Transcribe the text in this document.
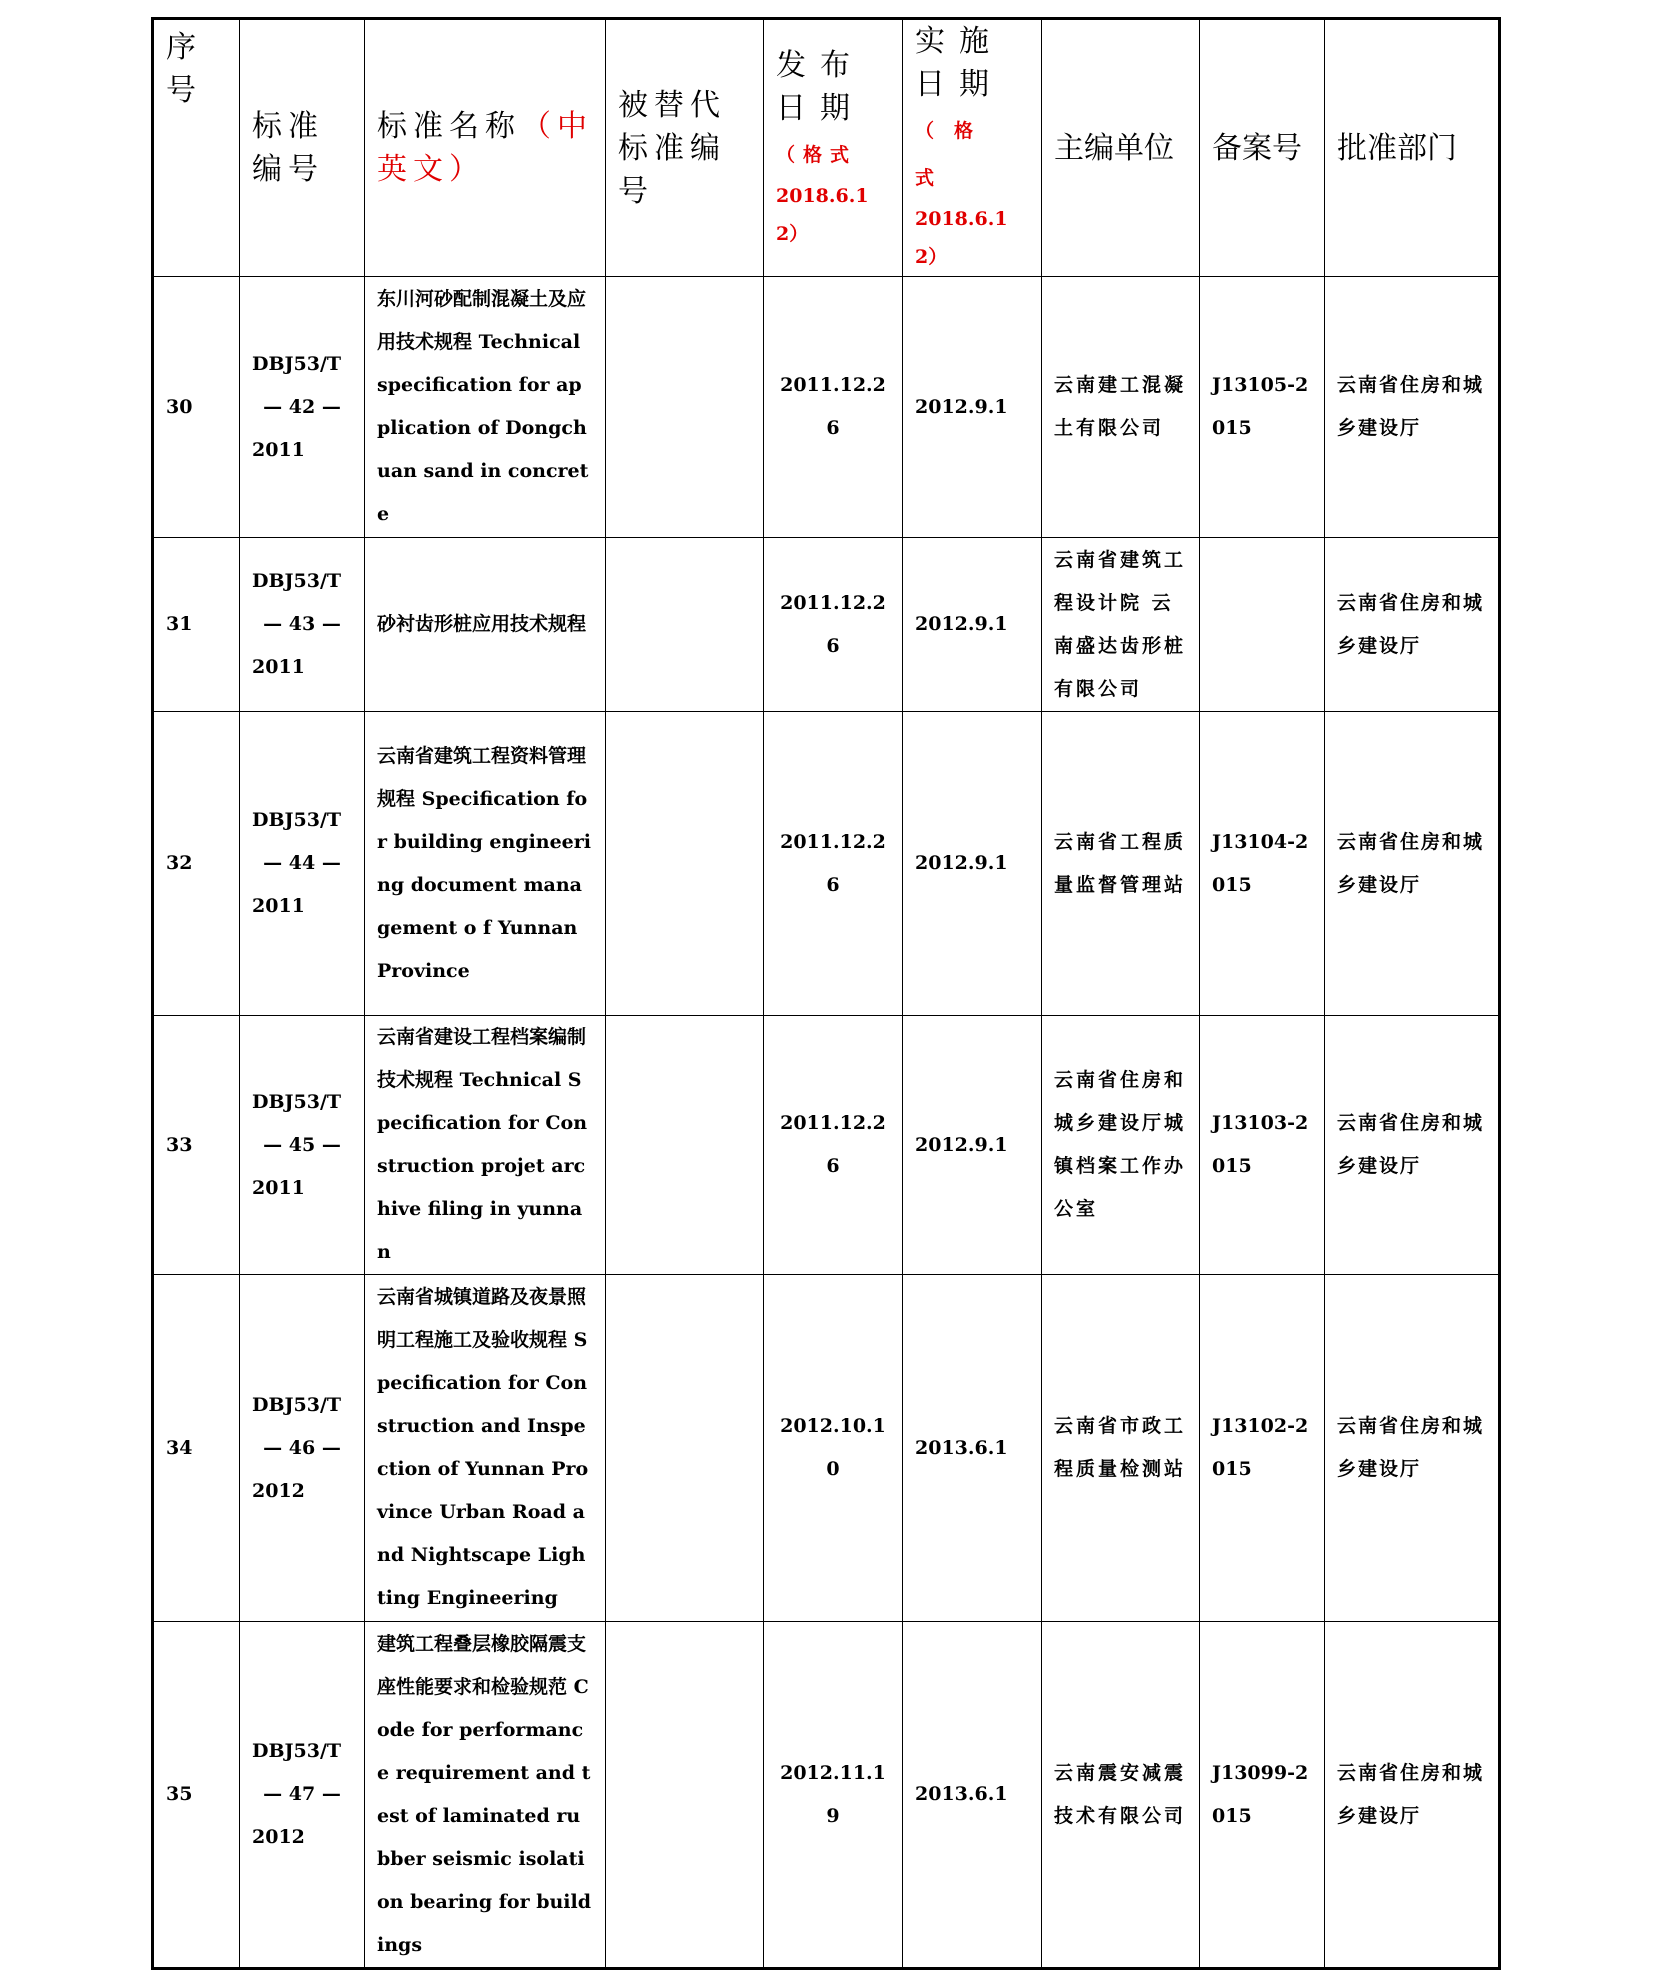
序号	标准编号	标准名称（中英文）	被替代标准编号	发布日期（格式
2018.6.12）	实施日期
（格式
2018.6.12）	主编单位	备案号	批准部门
30	DBJ53/T
— 42 —
2011	东川河砂配制混凝土及应用技术规程 Technical specification for application of Dongchuan sand in concrete		2011.12.26	2012.9.1	云南建工混凝土有限公司	J13105-2015	云南省住房和城乡建设厅
31	DBJ53/T
— 43 —
2011	砂衬齿形桩应用技术规程		2011.12.26	2012.9.1	云南省建筑工程设计院 云南盛达齿形桩有限公司		云南省住房和城乡建设厅
32	DBJ53/T
— 44 —
2011	云南省建筑工程资料管理规程 Specification for building engineering document management o f Yunnan Province		2011.12.26	2012.9.1	云南省工程质量监督管理站	J13104-2015	云南省住房和城乡建设厅
33	DBJ53/T
— 45 —
2011	云南省建设工程档案编制技术规程 Technical Specification for Construction projet archive filing in yunnan		2011.12.26	2012.9.1	云南省住房和城乡建设厅城镇档案工作办公室	J13103-2015	云南省住房和城乡建设厅
34	DBJ53/T
— 46 —
2012	云南省城镇道路及夜景照明工程施工及验收规程 Specification for Construction and Inspection of Yunnan Province Urban Road and Nightscape Lighting Engineering		2012.10.10	2013.6.1	云南省市政工程质量检测站	J13102-2015	云南省住房和城乡建设厅
35	DBJ53/T
— 47 —
2012	建筑工程叠层橡胶隔震支座性能要求和检验规范 Code for performance requirement and test of laminated rubber seismic isolation bearing for buildings		2012.11.19	2013.6.1	云南震安减震技术有限公司	J13099-2015	云南省住房和城乡建设厅
